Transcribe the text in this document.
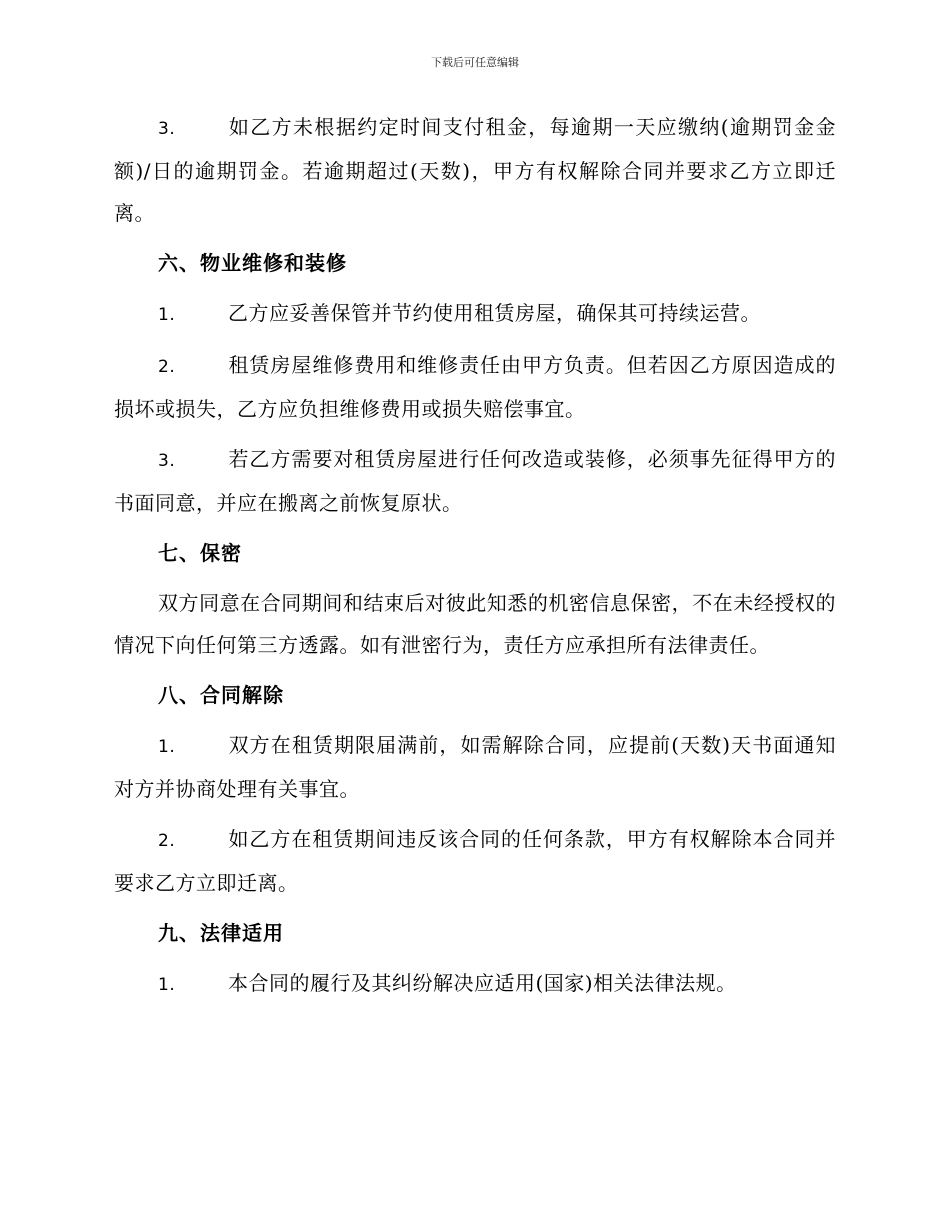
下载后可任意编辑

3.	如乙方未根据约定时间支付租金，每逾期一天应缴纳(逾期罚金金额)/日的逾期罚金。若逾期超过(天数)，甲方有权解除合同并要求乙方立即迁离。

六、物业维修和装修

1.	乙方应妥善保管并节约使用租赁房屋，确保其可持续运营。

2.	租赁房屋维修费用和维修责任由甲方负责。但若因乙方原因造成的损坏或损失，乙方应负担维修费用或损失赔偿事宜。

3.	若乙方需要对租赁房屋进行任何改造或装修，必须事先征得甲方的书面同意，并应在搬离之前恢复原状。

七、保密

双方同意在合同期间和结束后对彼此知悉的机密信息保密，不在未经授权的情况下向任何第三方透露。如有泄密行为，责任方应承担所有法律责任。

八、合同解除

1.	双方在租赁期限届满前，如需解除合同，应提前(天数)天书面通知对方并协商处理有关事宜。

2.	如乙方在租赁期间违反该合同的任何条款，甲方有权解除本合同并要求乙方立即迁离。

九、法律适用

1.	本合同的履行及其纠纷解决应适用(国家)相关法律法规。
